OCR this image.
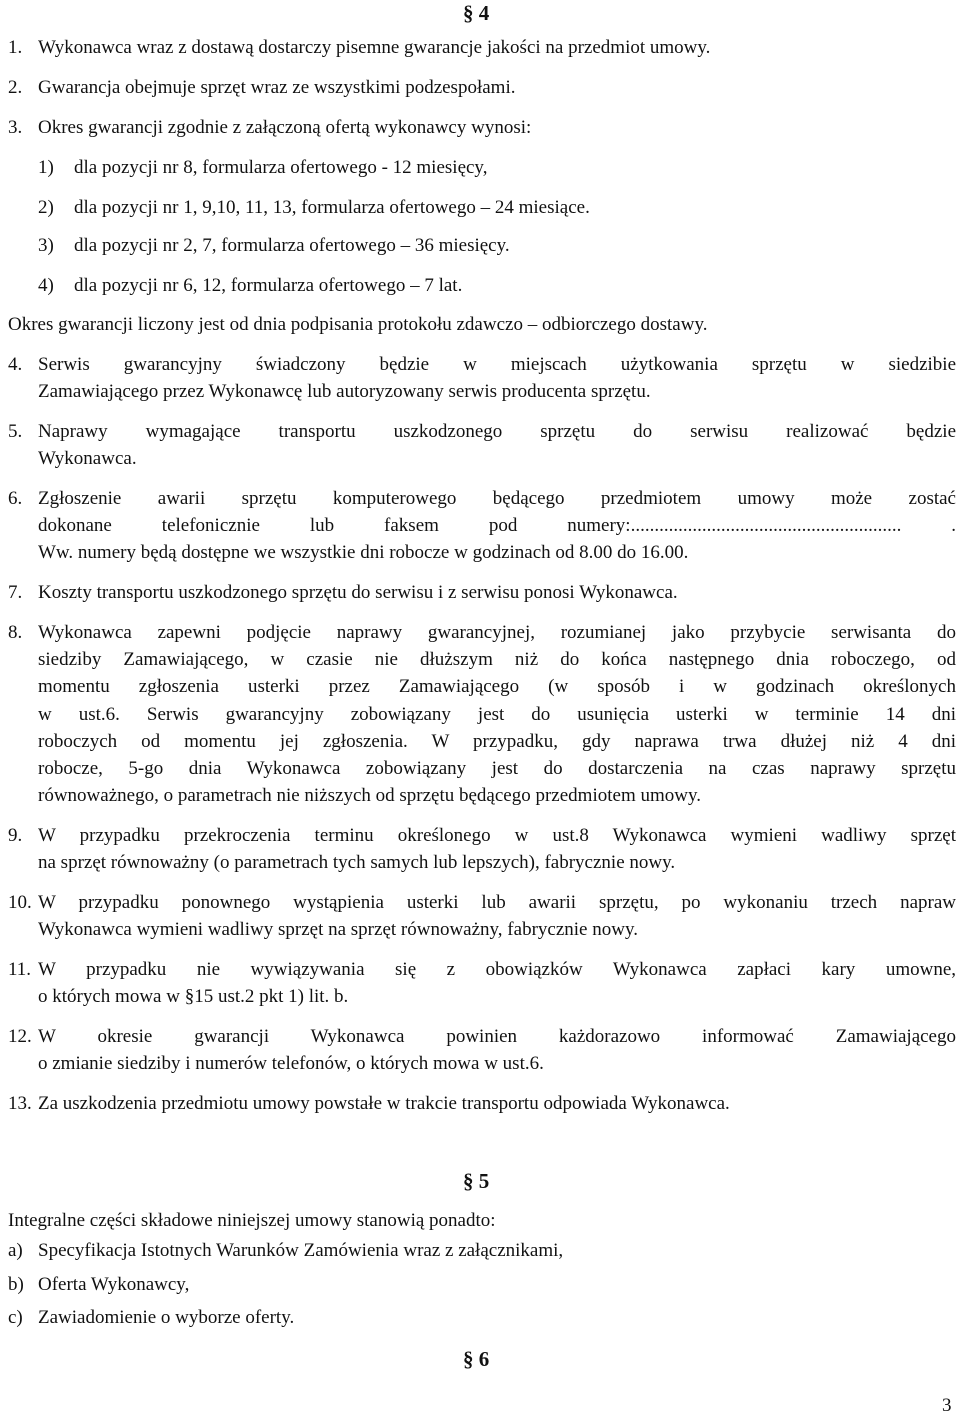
§ 4
1. Wykonawca wraz z dostawą dostarczy pisemne gwarancje jakości na przedmiot umowy.
2. Gwarancja obejmuje sprzęt wraz ze wszystkimi podzespołami.
3. Okres gwarancji zgodnie z załączoną ofertą wykonawcy wynosi:
1) dla pozycji nr 8, formularza ofertowego - 12 miesięcy,
2) dla pozycji nr 1, 9,10, 11, 13, formularza ofertowego – 24 miesiące.
3) dla pozycji nr 2, 7, formularza ofertowego – 36 miesięcy.
4) dla pozycji nr 6, 12, formularza ofertowego – 7 lat.
Okres gwarancji liczony jest od dnia podpisania protokołu zdawczo – odbiorczego dostawy.
4. Serwis gwarancyjny świadczony będzie w miejscach użytkowania sprzętu w siedzibie
Zamawiającego przez Wykonawcę lub autoryzowany serwis producenta sprzętu.
5. Naprawy wymagające transportu uszkodzonego sprzętu do serwisu realizować będzie
Wykonawca.
6. Zgłoszenie awarii sprzętu komputerowego będącego przedmiotem umowy może zostać
dokonane telefonicznie lub faksem pod numery:......................................................... .
Ww. numery będą dostępne we wszystkie dni robocze w godzinach od 8.00 do 16.00.
7. Koszty transportu uszkodzonego sprzętu do serwisu i z serwisu ponosi Wykonawca.
8. Wykonawca zapewni podjęcie naprawy gwarancyjnej, rozumianej jako przybycie serwisanta do
siedziby Zamawiającego, w czasie nie dłuższym niż do końca następnego dnia roboczego, od
momentu zgłoszenia usterki przez Zamawiającego (w sposób i w godzinach określonych
w ust.6. Serwis gwarancyjny zobowiązany jest do usunięcia usterki w terminie 14 dni
roboczych od momentu jej zgłoszenia. W przypadku, gdy naprawa trwa dłużej niż 4 dni
robocze, 5-go dnia Wykonawca zobowiązany jest do dostarczenia na czas naprawy sprzętu
równoważnego, o parametrach nie niższych od sprzętu będącego przedmiotem umowy.
9. W przypadku przekroczenia terminu określonego w ust.8 Wykonawca wymieni wadliwy sprzęt
na sprzęt równoważny (o parametrach tych samych lub lepszych), fabrycznie nowy.
10. W przypadku ponownego wystąpienia usterki lub awarii sprzętu, po wykonaniu trzech napraw
Wykonawca wymieni wadliwy sprzęt na sprzęt równoważny, fabrycznie nowy.
11. W przypadku nie wywiązywania się z obowiązków Wykonawca zapłaci kary umowne,
o których mowa w §15 ust.2 pkt 1) lit. b.
12. W okresie gwarancji Wykonawca powinien każdorazowo informować Zamawiającego
o zmianie siedziby i numerów telefonów, o których mowa w ust.6.
13. Za uszkodzenia przedmiotu umowy powstałe w trakcie transportu odpowiada Wykonawca.
§ 5
Integralne części składowe niniejszej umowy stanowią ponadto:
a) Specyfikacja Istotnych Warunków Zamówienia wraz z załącznikami,
b) Oferta Wykonawcy,
c) Zawiadomienie o wyborze oferty.
§ 6
3
